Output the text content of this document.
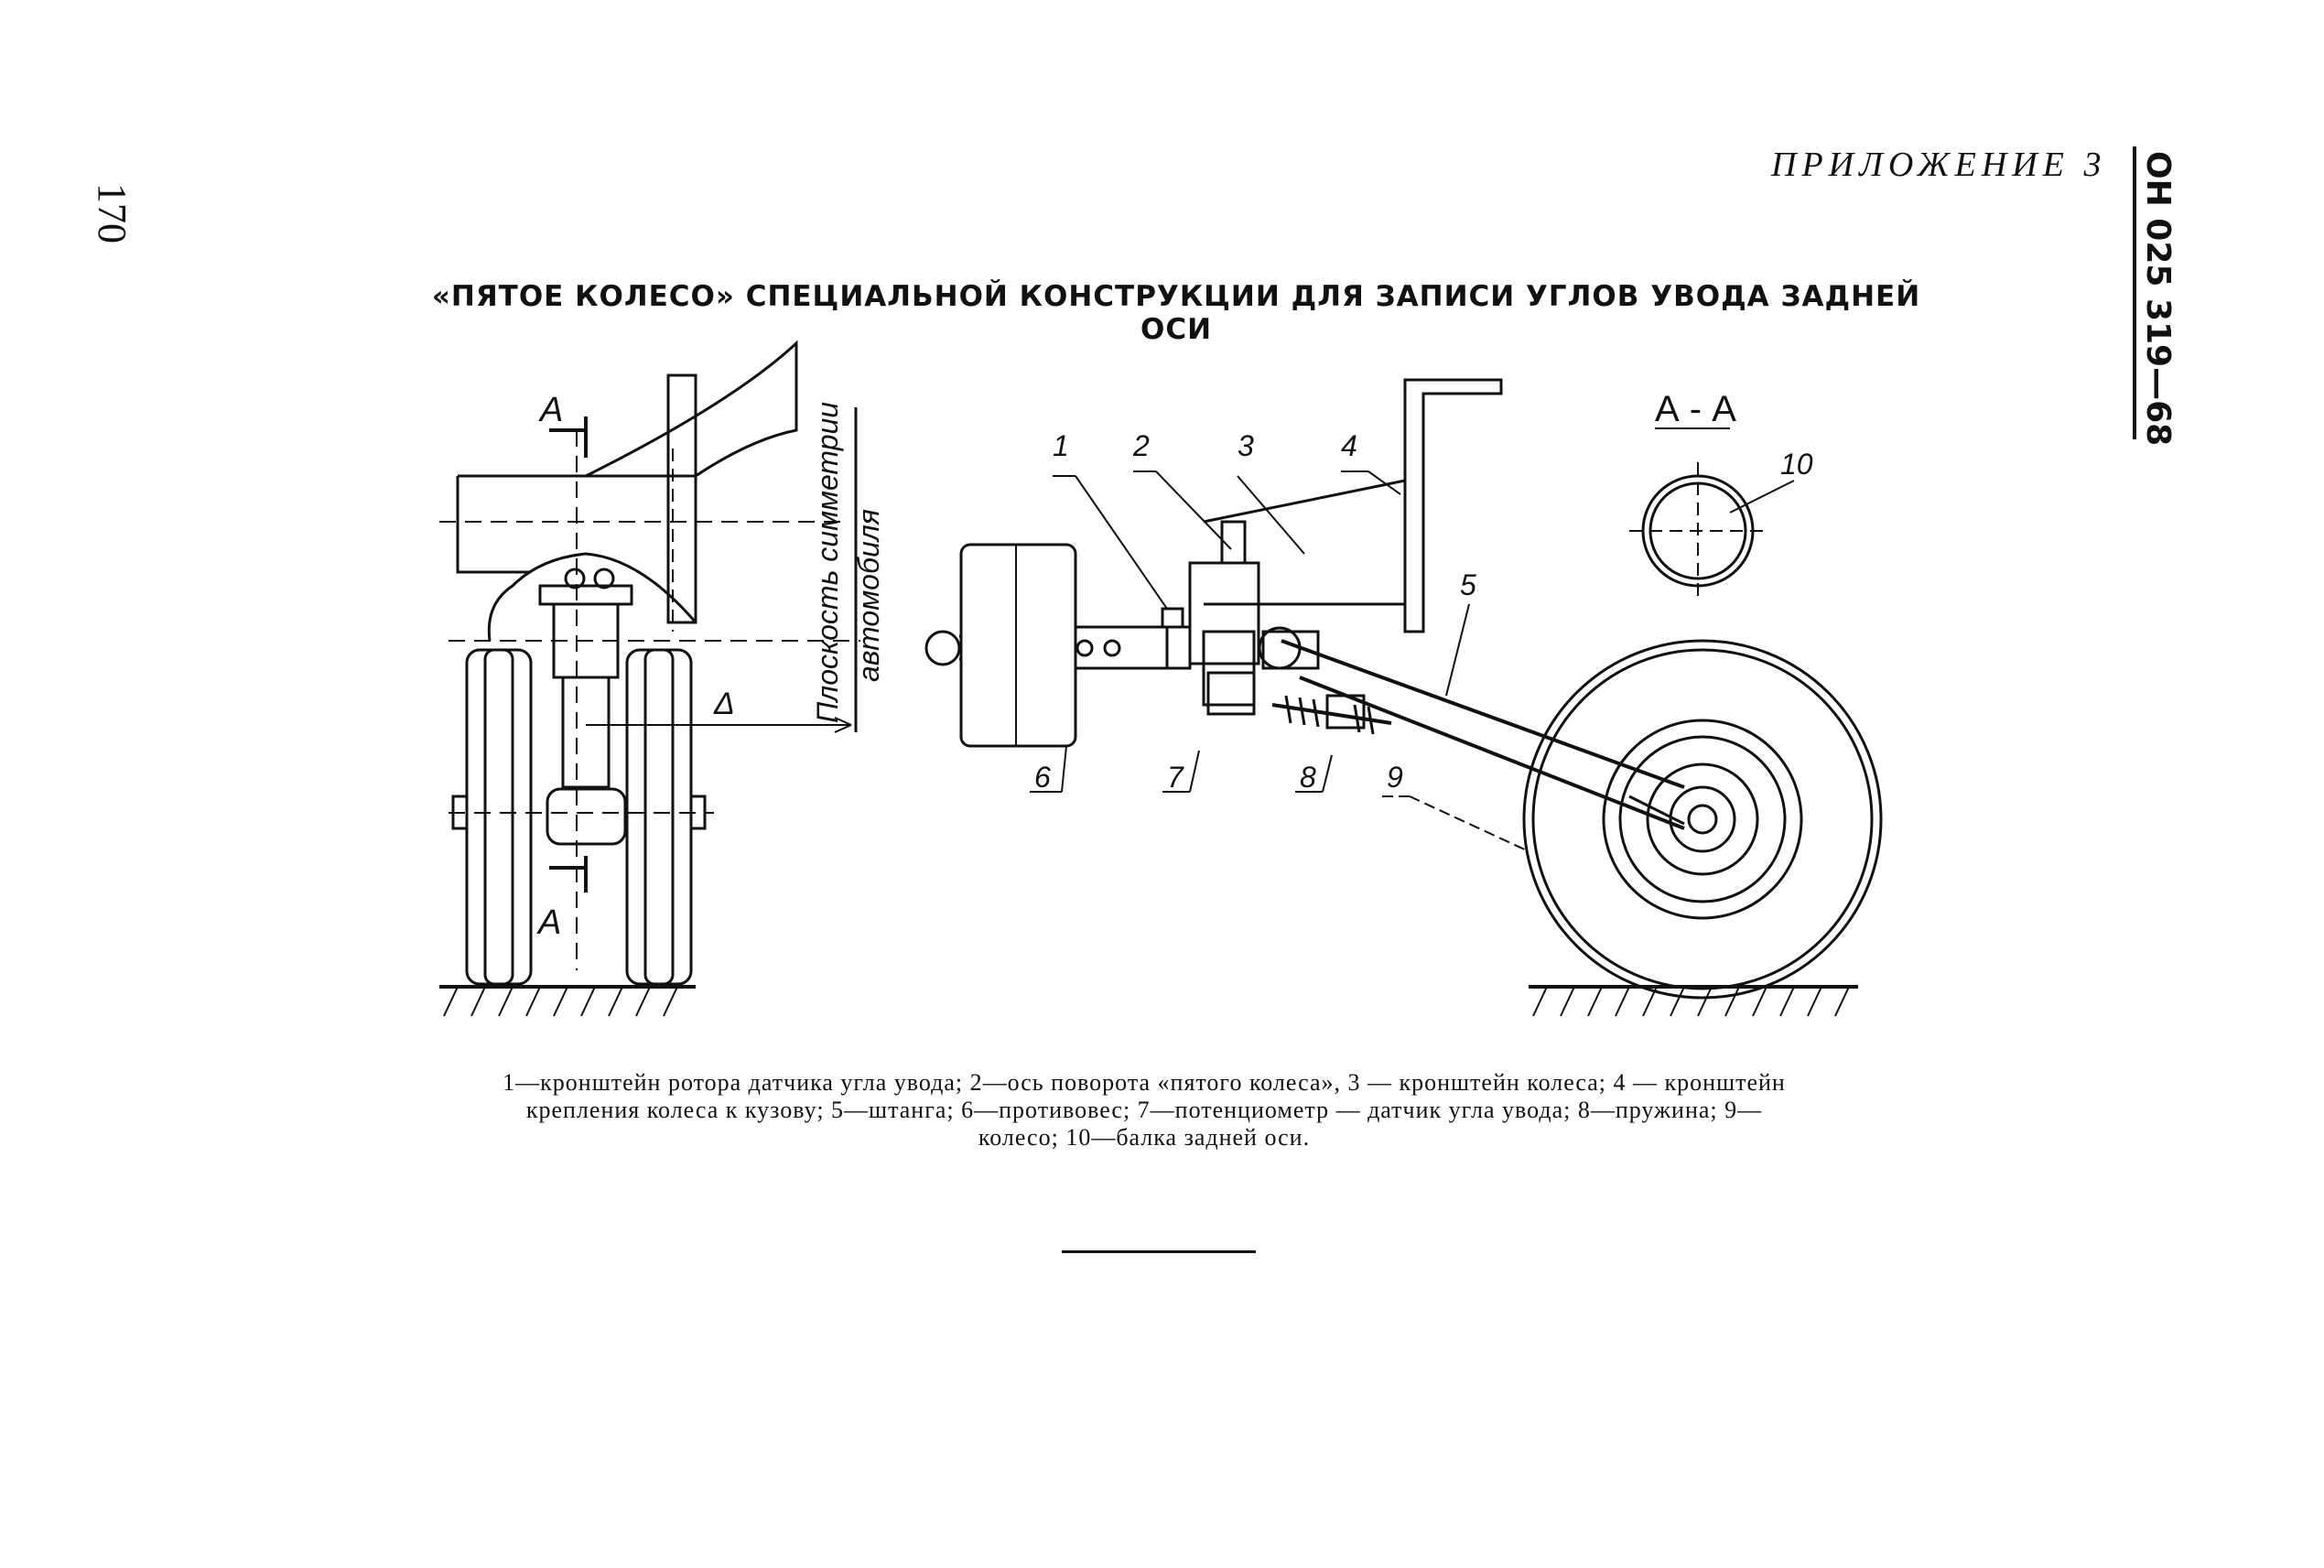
170
ПРИЛОЖЕНИЕ 3 ОН 025 319—68
«ПЯТОЕ КОЛЕСО» СПЕЦИАЛЬНОЙ КОНСТРУКЦИИ ДЛЯ ЗАПИСИ УГЛОВ УВОДА ЗАДНЕЙ ОСИ
А
А
Δ	Плоскость симметрии автомобиля
А - А
10
1 2	3	4
5
6	7	8 9
1—кронштейн ротора датчика угла увода; 2—ось поворота «пятого колеса», 3 — кронштейн колеса; 4 — кронштейн крепления колеса к кузову; 5—штанга; 6—противовес; 7—потенциометр — датчик угла увода; 8—пружина; 9—колесо; 10—балка задней оси.
